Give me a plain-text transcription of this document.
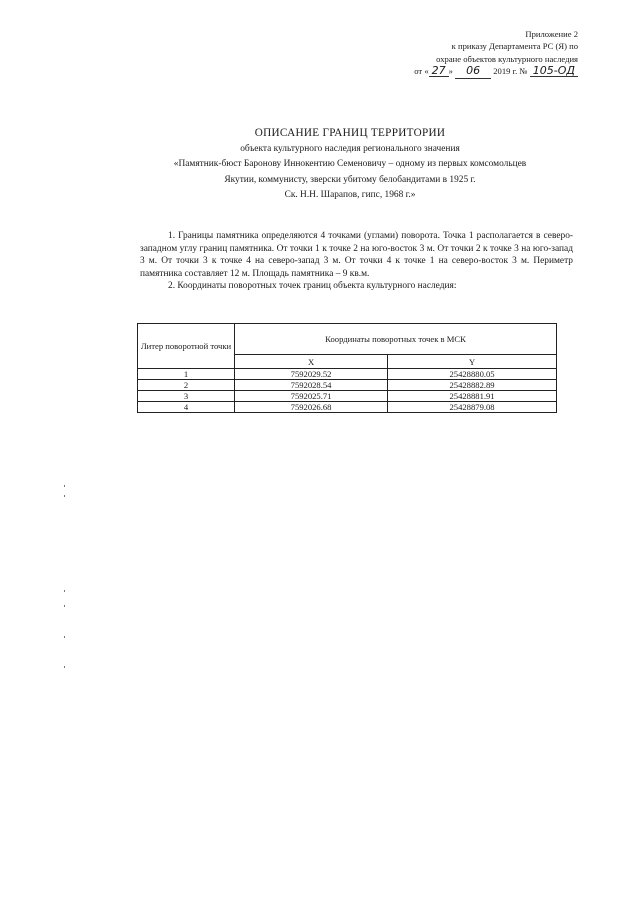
Приложение 2
к приказу Департамента РС (Я) по
охране объектов культурного наследия
от « 27 » 06 2019 г. № 105-ОД
ОПИСАНИЕ ГРАНИЦ ТЕРРИТОРИИ
объекта культурного наследия регионального значения
«Памятник-бюст Баронову Иннокентию Семеновичу – одному из первых комсомольцев
Якутии, коммунисту, зверски убитому белобандитами в 1925 г.
Ск. Н.Н. Шарапов, гипс, 1968 г.»

1. Границы памятника определяются 4 точками (углами) поворота. Точка 1 располагается в северо-западном углу границ памятника. От точки 1 к точке 2 на юго-восток 3 м. От точки 2 к точке 3 на юго-запад 3 м. От точки 3 к точке 4 на северо-запад 3 м. От точки 4 к точке 1 на северо-восток 3 м. Периметр памятника составляет 12 м. Площадь памятника – 9 кв.м.

2. Координаты поворотных точек границ объекта культурного наследия:

Литер поворотной точки	Координаты поворотных точек в МСК	
	X	Y
1	7592029.52	25428880.05
2	7592028.54	25428882.89
3	7592025.71	25428881.91
4	7592026.68	25428879.08
